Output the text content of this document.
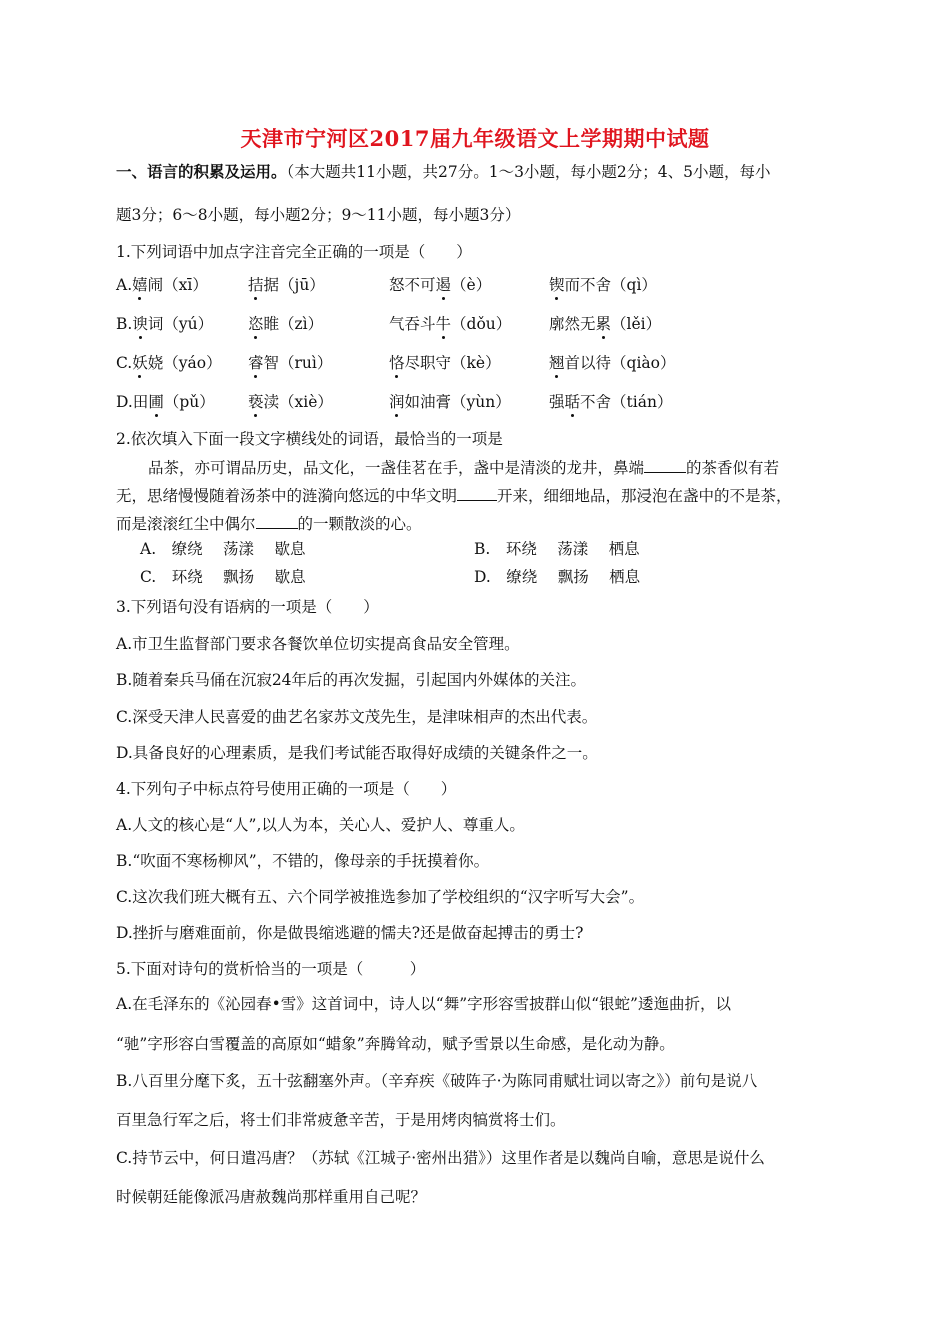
天津市宁河区2017届九年级语文上学期期中试题
一、语言的积累及运用。（本大题共11小题，共27分。1～3小题，每小题2分；4、5小题，每小
题3分；6～8小题，每小题2分；9～11小题，每小题3分）
1.下列词语中加点字注音完全正确的一项是（　　）
A.嬉闹（xī）	拮据（jū）	怒不可遏（è）	锲而不舍（qì）
B.谀词（yú） 恣睢（zì）	气吞斗牛（dǒu） 廓然无累（lěi）
C.妖娆（yáo） 睿智（ruì）	恪尽职守（kè）	翘首以待（qiào）
D.田圃（pǔ） 亵渎（xiè）	润如油膏（yùn） 强聒不舍（tián）
2.依次填入下面一段文字横线处的词语，最恰当的一项是
品茶，亦可谓品历史，品文化，一盏佳茗在手，盏中是清淡的龙井，鼻端	的茶香似有若
无，思绪慢慢随着汤茶中的涟漪向悠远的中华文明	开来，细细地品，那浸泡在盏中的不是茶，
而是滚滚红尘中偶尔	的一颗散淡的心。
A.　缭绕　 荡漾　 歇息	B.　环绕　 荡漾　 栖息
C.　环绕　 飘扬　 歇息	D.　缭绕　 飘扬　 栖息
3.下列语句没有语病的一项是（　　）
A.市卫生监督部门要求各餐饮单位切实提高食品安全管理。
B.随着秦兵马俑在沉寂24年后的再次发掘，引起国内外媒体的关注。
C.深受天津人民喜爱的曲艺名家苏文茂先生，是津味相声的杰出代表。
D.具备良好的心理素质，是我们考试能否取得好成绩的关键条件之一。
4.下列句子中标点符号使用正确的一项是（　　）
A.人文的核心是“人”,以人为本，关心人、爱护人、尊重人。
B.“吹面不寒杨柳风”，不错的，像母亲的手抚摸着你。
C.这次我们班大概有五、六个同学被推选参加了学校组织的“汉字听写大会”。
D.挫折与磨难面前，你是做畏缩逃避的懦夫?还是做奋起搏击的勇士?
5.下面对诗句的赏析恰当的一项是（　　　）
A.在毛泽东的《沁园春•雪》这首词中，诗人以“舞”字形容雪披群山似“银蛇”逶迤曲折，以
“驰”字形容白雪覆盖的高原如“蜡象”奔腾耸动，赋予雪景以生命感，是化动为静。
B.八百里分麾下炙，五十弦翻塞外声。（辛弃疾《破阵子·为陈同甫赋壮词以寄之》）前句是说八
百里急行军之后，将士们非常疲惫辛苦，于是用烤肉犒赏将士们。
C.持节云中，何日遣冯唐？（苏轼《江城子·密州出猎》）这里作者是以魏尚自喻，意思是说什么
时候朝廷能像派冯唐赦魏尚那样重用自己呢？
